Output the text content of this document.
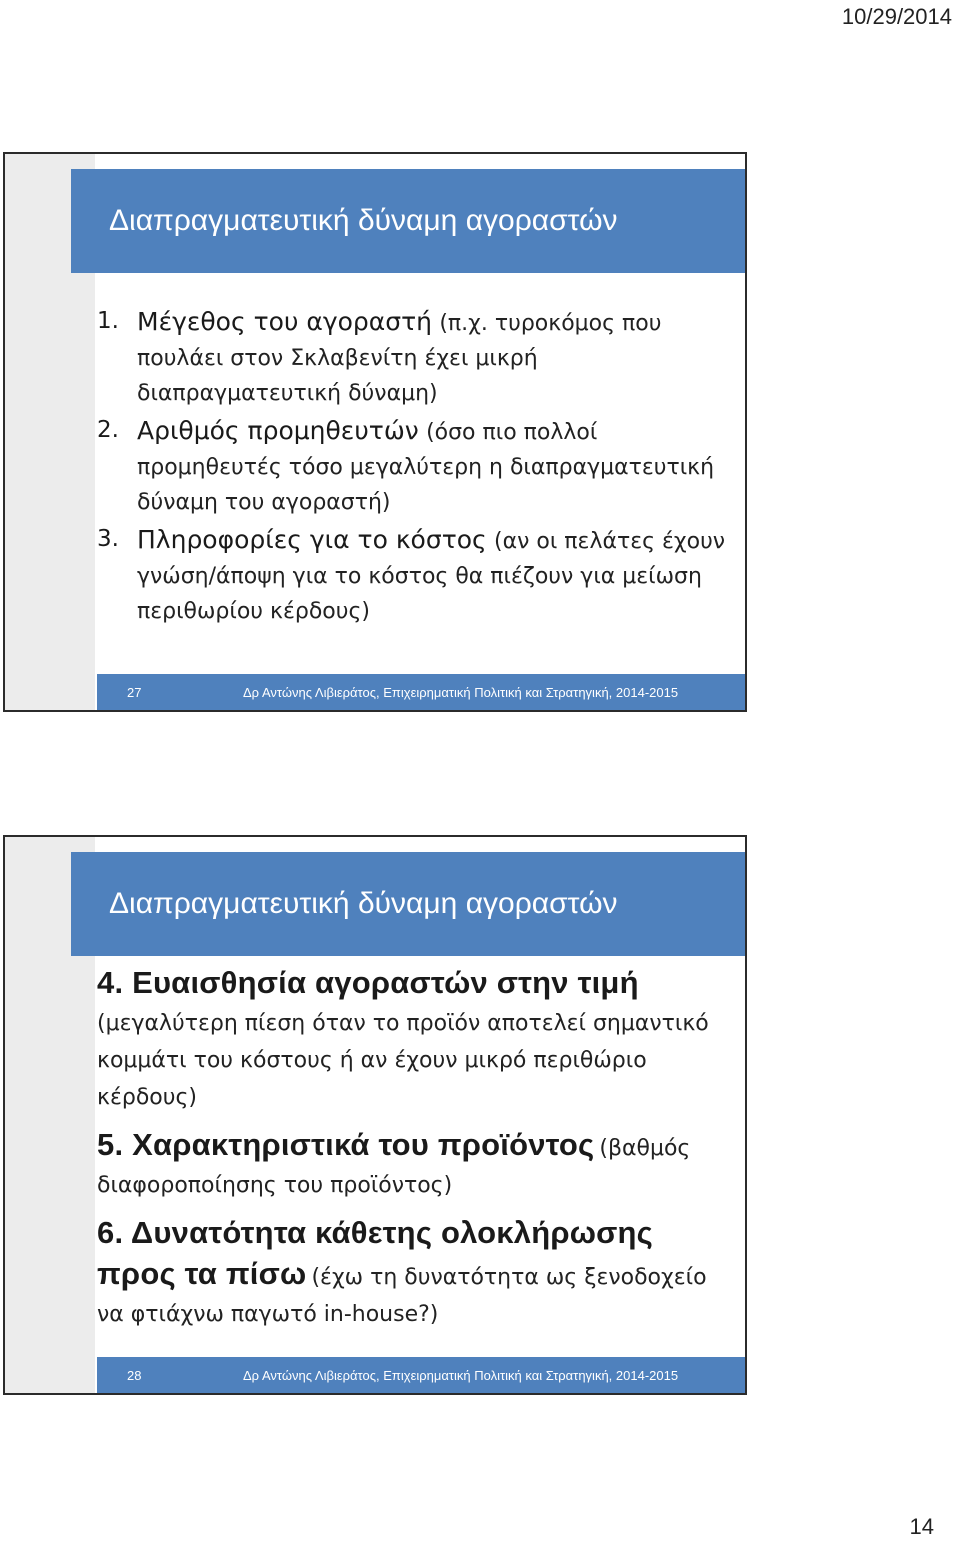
10/29/2014
Διαπραγματευτική δύναμη αγοραστών
1. Μέγεθος του αγοραστή (π.χ. τυροκόμος που πουλάει στον Σκλαβενίτη έχει μικρή διαπραγματευτική δύναμη)
2. Αριθμός προμηθευτών (όσο πιο πολλοί προμηθευτές τόσο μεγαλύτερη η διαπραγματευτική δύναμη του αγοραστή)
3. Πληροφορίες για το κόστος (αν οι πελάτες έχουν γνώση/άποψη για το κόστος θα πιέζουν για μείωση περιθωρίου κέρδους)
27	Δρ Αντώνης Λιβιεράτος, Επιχειρηματική Πολιτική και Στρατηγική, 2014-2015
Διαπραγματευτική δύναμη αγοραστών
4. Ευαισθησία αγοραστών στην τιμή
(μεγαλύτερη πίεση όταν το προϊόν αποτελεί σημαντικό κομμάτι του κόστους ή αν έχουν μικρό περιθώριο κέρδους)
5. Χαρακτηριστικά του προϊόντος (βαθμός διαφοροποίησης του προϊόντος)
6. Δυνατότητα κάθετης ολοκλήρωσης προς τα πίσω (έχω τη δυνατότητα ως ξενοδοχείο να φτιάχνω παγωτό in-house?)
28	Δρ Αντώνης Λιβιεράτος, Επιχειρηματική Πολιτική και Στρατηγική, 2014-2015
14
